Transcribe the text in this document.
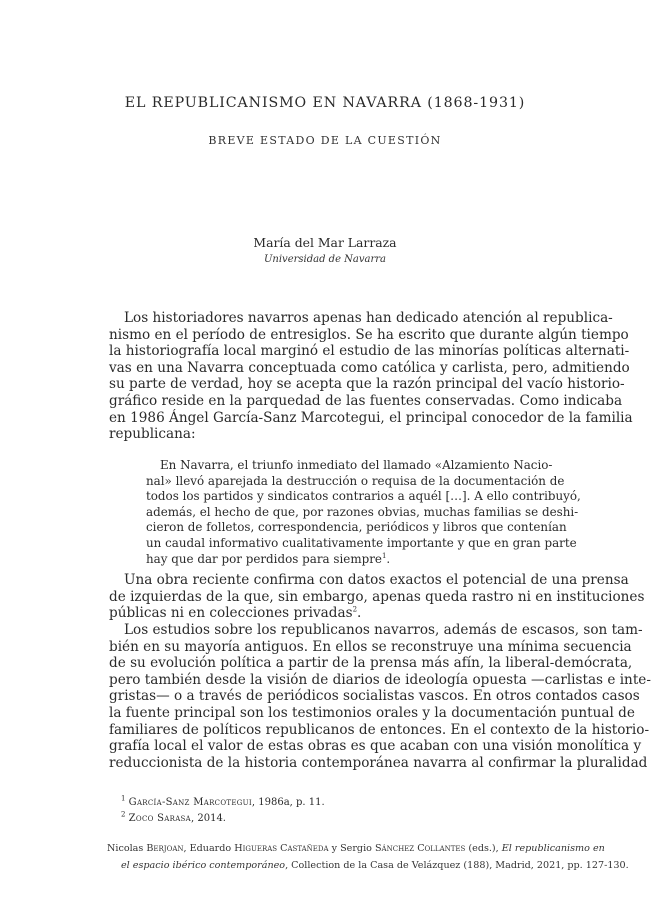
EL REPUBLICANISMO EN NAVARRA (1868-1931)
BREVE ESTADO DE LA CUESTIÓN
María del Mar Larraza
Universidad de Navarra
Los historiadores navarros apenas han dedicado atención al republica-
nismo en el período de entresiglos. Se ha escrito que durante algún tiempo
la historiografía local marginó el estudio de las minorías políticas alternati-
vas en una Navarra conceptuada como católica y carlista, pero, admitiendo
su parte de verdad, hoy se acepta que la razón principal del vacío historio-
gráfico reside en la parquedad de las fuentes conservadas. Como indicaba
en 1986 Ángel García-Sanz Marcotegui, el principal conocedor de la familia
republicana:
En Navarra, el triunfo inmediato del llamado «Alzamiento Nacio-
nal» llevó aparejada la destrucción o requisa de la documentación de
todos los partidos y sindicatos contrarios a aquél […]. A ello contribuyó,
además, el hecho de que, por razones obvias, muchas familias se deshi-
cieron de folletos, correspondencia, periódicos y libros que contenían
un caudal informativo cualitativamente importante y que en gran parte
hay que dar por perdidos para siempre$^1$.
Una obra reciente confirma con datos exactos el potencial de una prensa
de izquierdas de la que, sin embargo, apenas queda rastro ni en instituciones
públicas ni en colecciones privadas$^2$.
Los estudios sobre los republicanos navarros, además de escasos, son tam-
bién en su mayoría antiguos. En ellos se reconstruye una mínima secuencia
de su evolución política a partir de la prensa más afín, la liberal-demócrata,
pero también desde la visión de diarios de ideología opuesta —carlistas e inte-
gristas— o a través de periódicos socialistas vascos. En otros contados casos
la fuente principal son los testimonios orales y la documentación puntual de
familiares de políticos republicanos de entonces. En el contexto de la historio-
grafía local el valor de estas obras es que acaban con una visión monolítica y
reduccionista de la historia contemporánea navarra al confirmar la pluralidad
$^1$ García-Sanz Marcotegui, 1986a, p. 11.
$^2$ Zoco Sarasa, 2014.
Nicolas Berjoan, Eduardo Higueras Castañeda y Sergio Sánchez Collantes (eds.), El republicanismo en
el espacio ibérico contemporáneo, Collection de la Casa de Velázquez (188), Madrid, 2021, pp. 127-130.
